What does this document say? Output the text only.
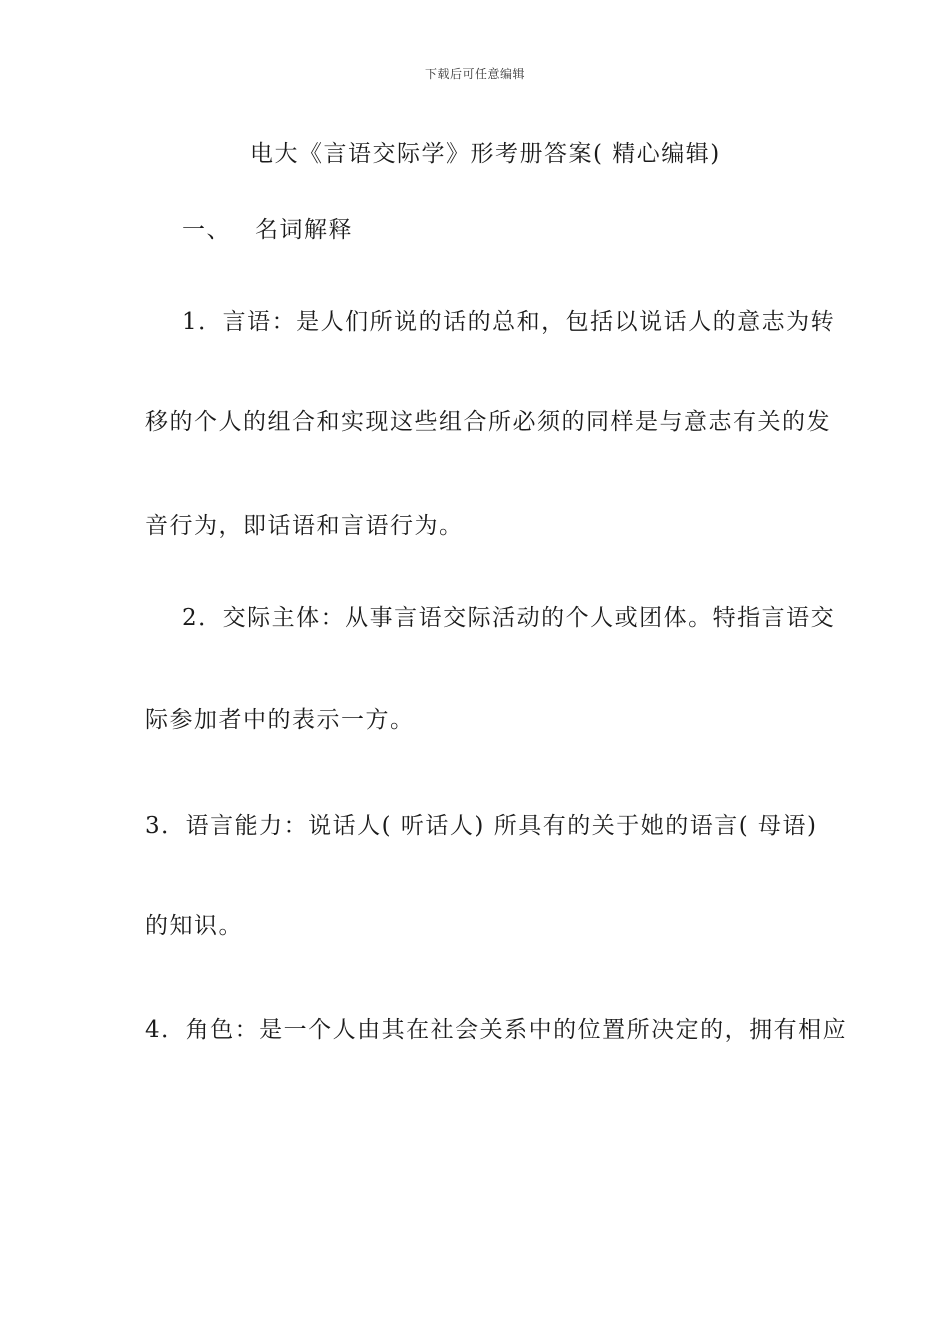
下载后可任意编辑
电大《言语交际学》形考册答案( 精心编辑)
一、 名词解释
1．言语：是人们所说的话的总和，包括以说话人的意志为转
移的个人的组合和实现这些组合所必须的同样是与意志有关的发
音行为，即话语和言语行为。
2．交际主体：从事言语交际活动的个人或团体。特指言语交
际参加者中的表示一方。
3．语言能力：说话人( 听话人) 所具有的关于她的语言( 母语)
的知识。
4．角色：是一个人由其在社会关系中的位置所决定的，拥有相应
